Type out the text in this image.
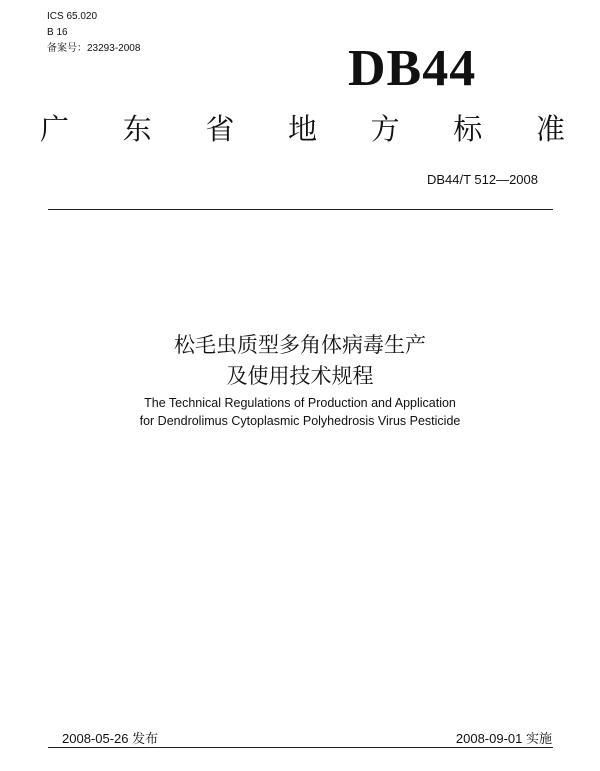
ICS 65.020
B 16
备案号：23293-2008	DB44
广 东 省 地 方 标 准
DB44/T 512—2008
松毛虫质型多角体病毒生产
及使用技术规程
The Technical Regulations of Production and Application
for Dendrolimus Cytoplasmic Polyhedrosis Virus Pesticide
2008-05-26 发布	2008-09-01 实施
